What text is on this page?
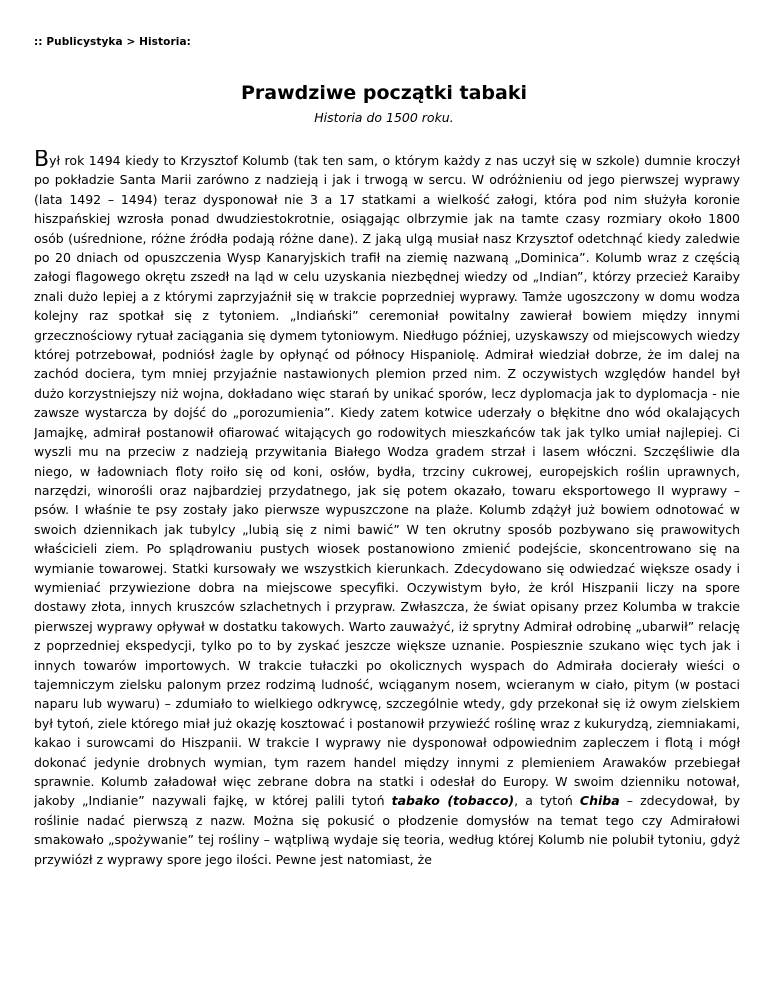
:: Publicystyka > Historia:
Prawdziwe początki tabaki
Historia do 1500 roku.

Był rok 1494 kiedy to Krzysztof Kolumb (tak ten sam, o którym każdy z nas uczył się w szkole) dumnie kroczył po pokładzie Santa Marii zarówno z nadzieją i jak i trwogą w sercu. W odróżnieniu od jego pierwszej wyprawy (lata 1492 – 1494) teraz dysponował nie 3 a 17 statkami a wielkość załogi, która pod nim służyła koronie hiszpańskiej wzrosła ponad dwudziestokrotnie, osiągając olbrzymie jak na tamte czasy rozmiary około 1800 osób (uśrednione, różne źródła podają różne dane). Z jaką ulgą musiał nasz Krzysztof odetchnąć kiedy zaledwie po 20 dniach od opuszczenia Wysp Kanaryjskich trafił na ziemię nazwaną „Dominica”. Kolumb wraz z częścią załogi flagowego okrętu zszedł na ląd w celu uzyskania niezbędnej wiedzy od „Indian”, którzy przecież Karaiby znali dużo lepiej a z którymi zaprzyjaźnił się w trakcie poprzedniej wyprawy. Tamże ugoszczony w domu wodza kolejny raz spotkał się z tytoniem. „Indiański” ceremoniał powitalny zawierał bowiem między innymi grzecznościowy rytuał zaciągania się dymem tytoniowym. Niedługo później, uzyskawszy od miejscowych wiedzy której potrzebował, podniósł żagle by opłynąć od północy Hispaniolę. Admirał wiedział dobrze, że im dalej na zachód dociera, tym mniej przyjaźnie nastawionych plemion przed nim. Z oczywistych względów handel był dużo korzystniejszy niż wojna, dokładano więc starań by unikać sporów, lecz dyplomacja jak to dyplomacja - nie zawsze wystarcza by dojść do „porozumienia”. Kiedy zatem kotwice uderzały o błękitne dno wód okalających Jamajkę, admirał postanowił ofiarować witających go rodowitych mieszkańców tak jak tylko umiał najlepiej. Ci wyszli mu na przeciw z nadzieją przywitania Białego Wodza gradem strzał i lasem włóczni. Szczęśliwie dla niego, w ładowniach floty roiło się od koni, osłów, bydła, trzciny cukrowej, europejskich roślin uprawnych, narzędzi, winorośli oraz najbardziej przydatnego, jak się potem okazało, towaru eksportowego II wyprawy – psów. I właśnie te psy zostały jako pierwsze wypuszczone na plaże. Kolumb zdążył już bowiem odnotować w swoich dziennikach jak tubylcy „lubią się z nimi bawić” W ten okrutny sposób pozbywano się prawowitych właścicieli ziem. Po splądrowaniu pustych wiosek postanowiono zmienić podejście, skoncentrowano się na wymianie towarowej. Statki kursowały we wszystkich kierunkach. Zdecydowano się odwiedzać większe osady i wymieniać przywiezione dobra na miejscowe specyfiki. Oczywistym było, że król Hiszpanii liczy na spore dostawy złota, innych kruszców szlachetnych i przypraw. Zwłaszcza, że świat opisany przez Kolumba w trakcie pierwszej wyprawy opływał w dostatku takowych. Warto zauważyć, iż sprytny Admirał odrobinę „ubarwił” relację z poprzedniej ekspedycji, tylko po to by zyskać jeszcze większe uznanie. Pospiesznie szukano więc tych jak i innych towarów importowych. W trakcie tułaczki po okolicznych wyspach do Admirała docierały wieści o tajemniczym zielsku palonym przez rodzimą ludność, wciąganym nosem, wcieranym w ciało, pitym (w postaci naparu lub wywaru) – zdumiało to wielkiego odkrywcę, szczególnie wtedy, gdy przekonał się iż owym zielskiem był tytoń, ziele którego miał już okazję kosztować i postanowił przywieźć roślinę wraz z kukurydzą, ziemniakami, kakao i surowcami do Hiszpanii. W trakcie I wyprawy nie dysponował odpowiednim zapleczem i flotą i mógł dokonać jedynie drobnych wymian, tym razem handel między innymi z plemieniem Arawaków przebiegał sprawnie. Kolumb załadował więc zebrane dobra na statki i odesłał do Europy. W swoim dzienniku notował, jakoby „Indianie” nazywali fajkę, w której palili tytoń tabako (tobacco), a tytoń Chiba – zdecydował, by roślinie nadać pierwszą z nazw. Można się pokusić o płodzenie domysłów na temat tego czy Admirałowi smakowało „spożywanie” tej rośliny – wątpliwą wydaje się teoria, według której Kolumb nie polubił tytoniu, gdyż przywiózł z wyprawy spore jego ilości. Pewne jest natomiast, że
